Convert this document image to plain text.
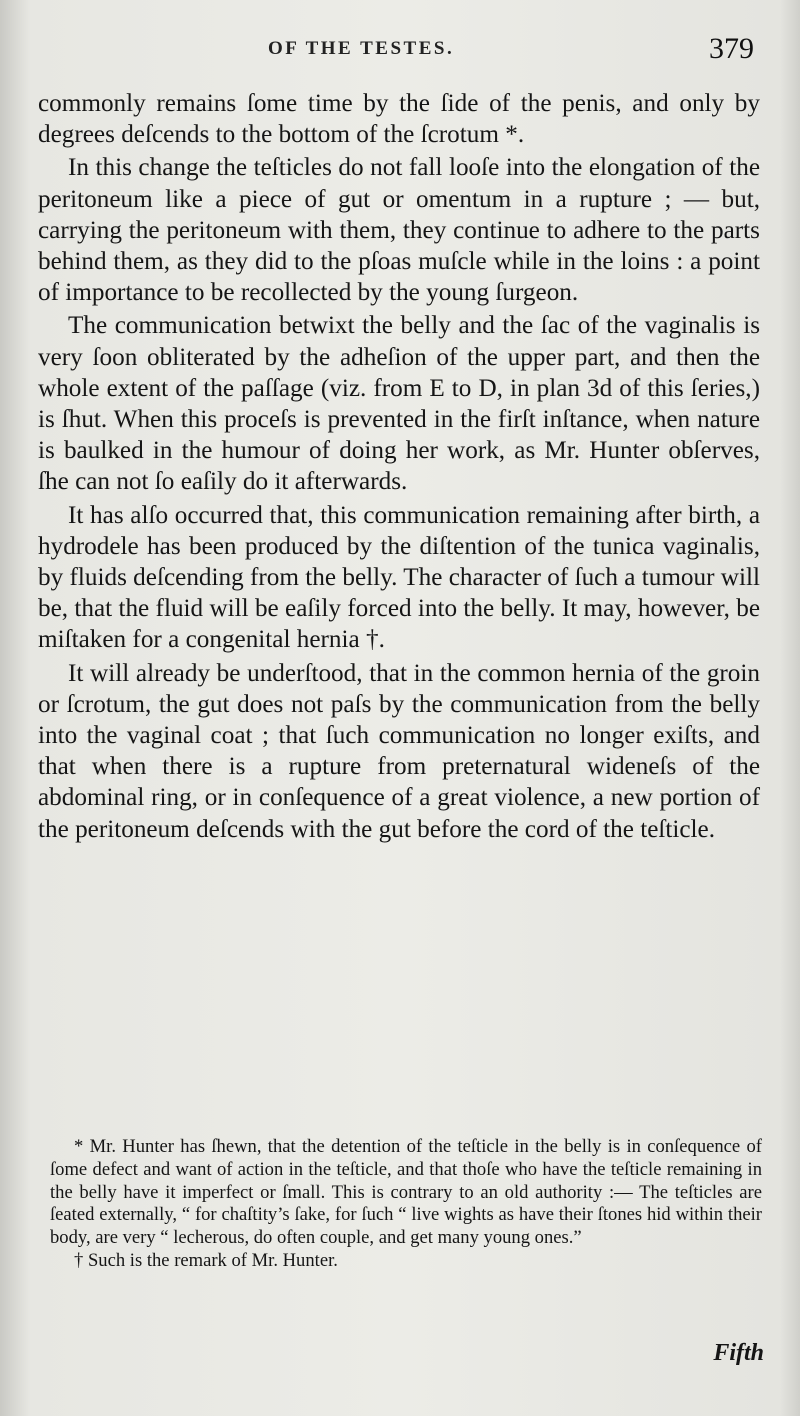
OF THE TESTES.	379

commonly remains ſome time by the ſide of the penis, and only by degrees deſcends to the bottom of the ſcrotum *.

In this change the teſticles do not fall looſe into the elongation of the peritoneum like a piece of gut or omentum in a rupture ; — but, carrying the peritoneum with them, they continue to adhere to the parts behind them, as they did to the pſoas muſcle while in the loins : a point of importance to be recollected by the young ſurgeon.

The communication betwixt the belly and the ſac of the vaginalis is very ſoon obliterated by the adheſion of the upper part, and then the whole extent of the paſſage (viz. from E to D, in plan 3d of this ſeries,) is ſhut. When this proceſs is prevented in the firſt inſtance, when nature is baulked in the humour of doing her work, as Mr. Hunter obſerves, ſhe can not ſo eaſily do it afterwards.

It has alſo occurred that, this communication remaining after birth, a hydrodele has been produced by the diſtention of the tunica vaginalis, by fluids deſcending from the belly. The character of ſuch a tumour will be, that the fluid will be eaſily forced into the belly. It may, however, be miſtaken for a congenital hernia †.

It will already be underſtood, that in the common hernia of the groin or ſcrotum, the gut does not paſs by the communication from the belly into the vaginal coat ; that ſuch communication no longer exiſts, and that when there is a rupture from preternatural wideneſs of the abdominal ring, or in conſequence of a great violence, a new portion of the peritoneum deſcends with the gut before the cord of the teſticle.

* Mr. Hunter has ſhewn, that the detention of the teſticle in the belly is in conſequence of ſome defect and want of action in the teſticle, and that thoſe who have the teſticle remaining in the belly have it imperfect or ſmall. This is contrary to an old authority :— The teſticles are ſeated externally, “ for chaſtity’s ſake, for ſuch “ live wights as have their ſtones hid within their body, are very “ lecherous, do often couple, and get many young ones.”

† Such is the remark of Mr. Hunter.

Fifth
